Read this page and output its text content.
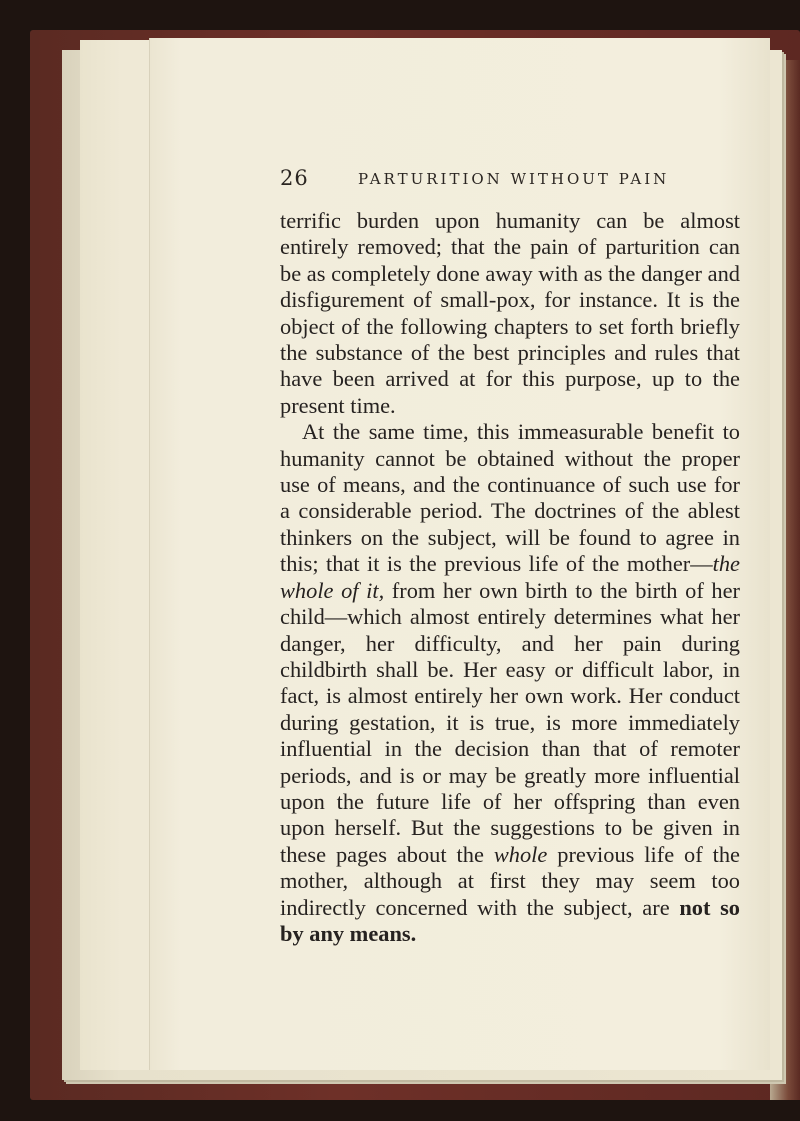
26	PARTURITION WITHOUT PAIN

terrific burden upon humanity can be almost entirely removed; that the pain of parturition can be as completely done away with as the danger and disfigurement of small-pox, for instance. It is the object of the following chapters to set forth briefly the substance of the best principles and rules that have been arrived at for this purpose, up to the present time.

At the same time, this immeasurable benefit to humanity cannot be obtained without the proper use of means, and the continuance of such use for a considerable period. The doctrines of the ablest thinkers on the subject, will be found to agree in this; that it is the previous life of the mother—the whole of it, from her own birth to the birth of her child—which almost entirely determines what her danger, her difficulty, and her pain during childbirth shall be. Her easy or difficult labor, in fact, is almost entirely her own work. Her conduct during gestation, it is true, is more immediately influential in the decision than that of remoter periods, and is or may be greatly more influential upon the future life of her offspring than even upon herself. But the suggestions to be given in these pages about the whole previous life of the mother, although at first they may seem too indirectly concerned with the subject, are not so by any means.
